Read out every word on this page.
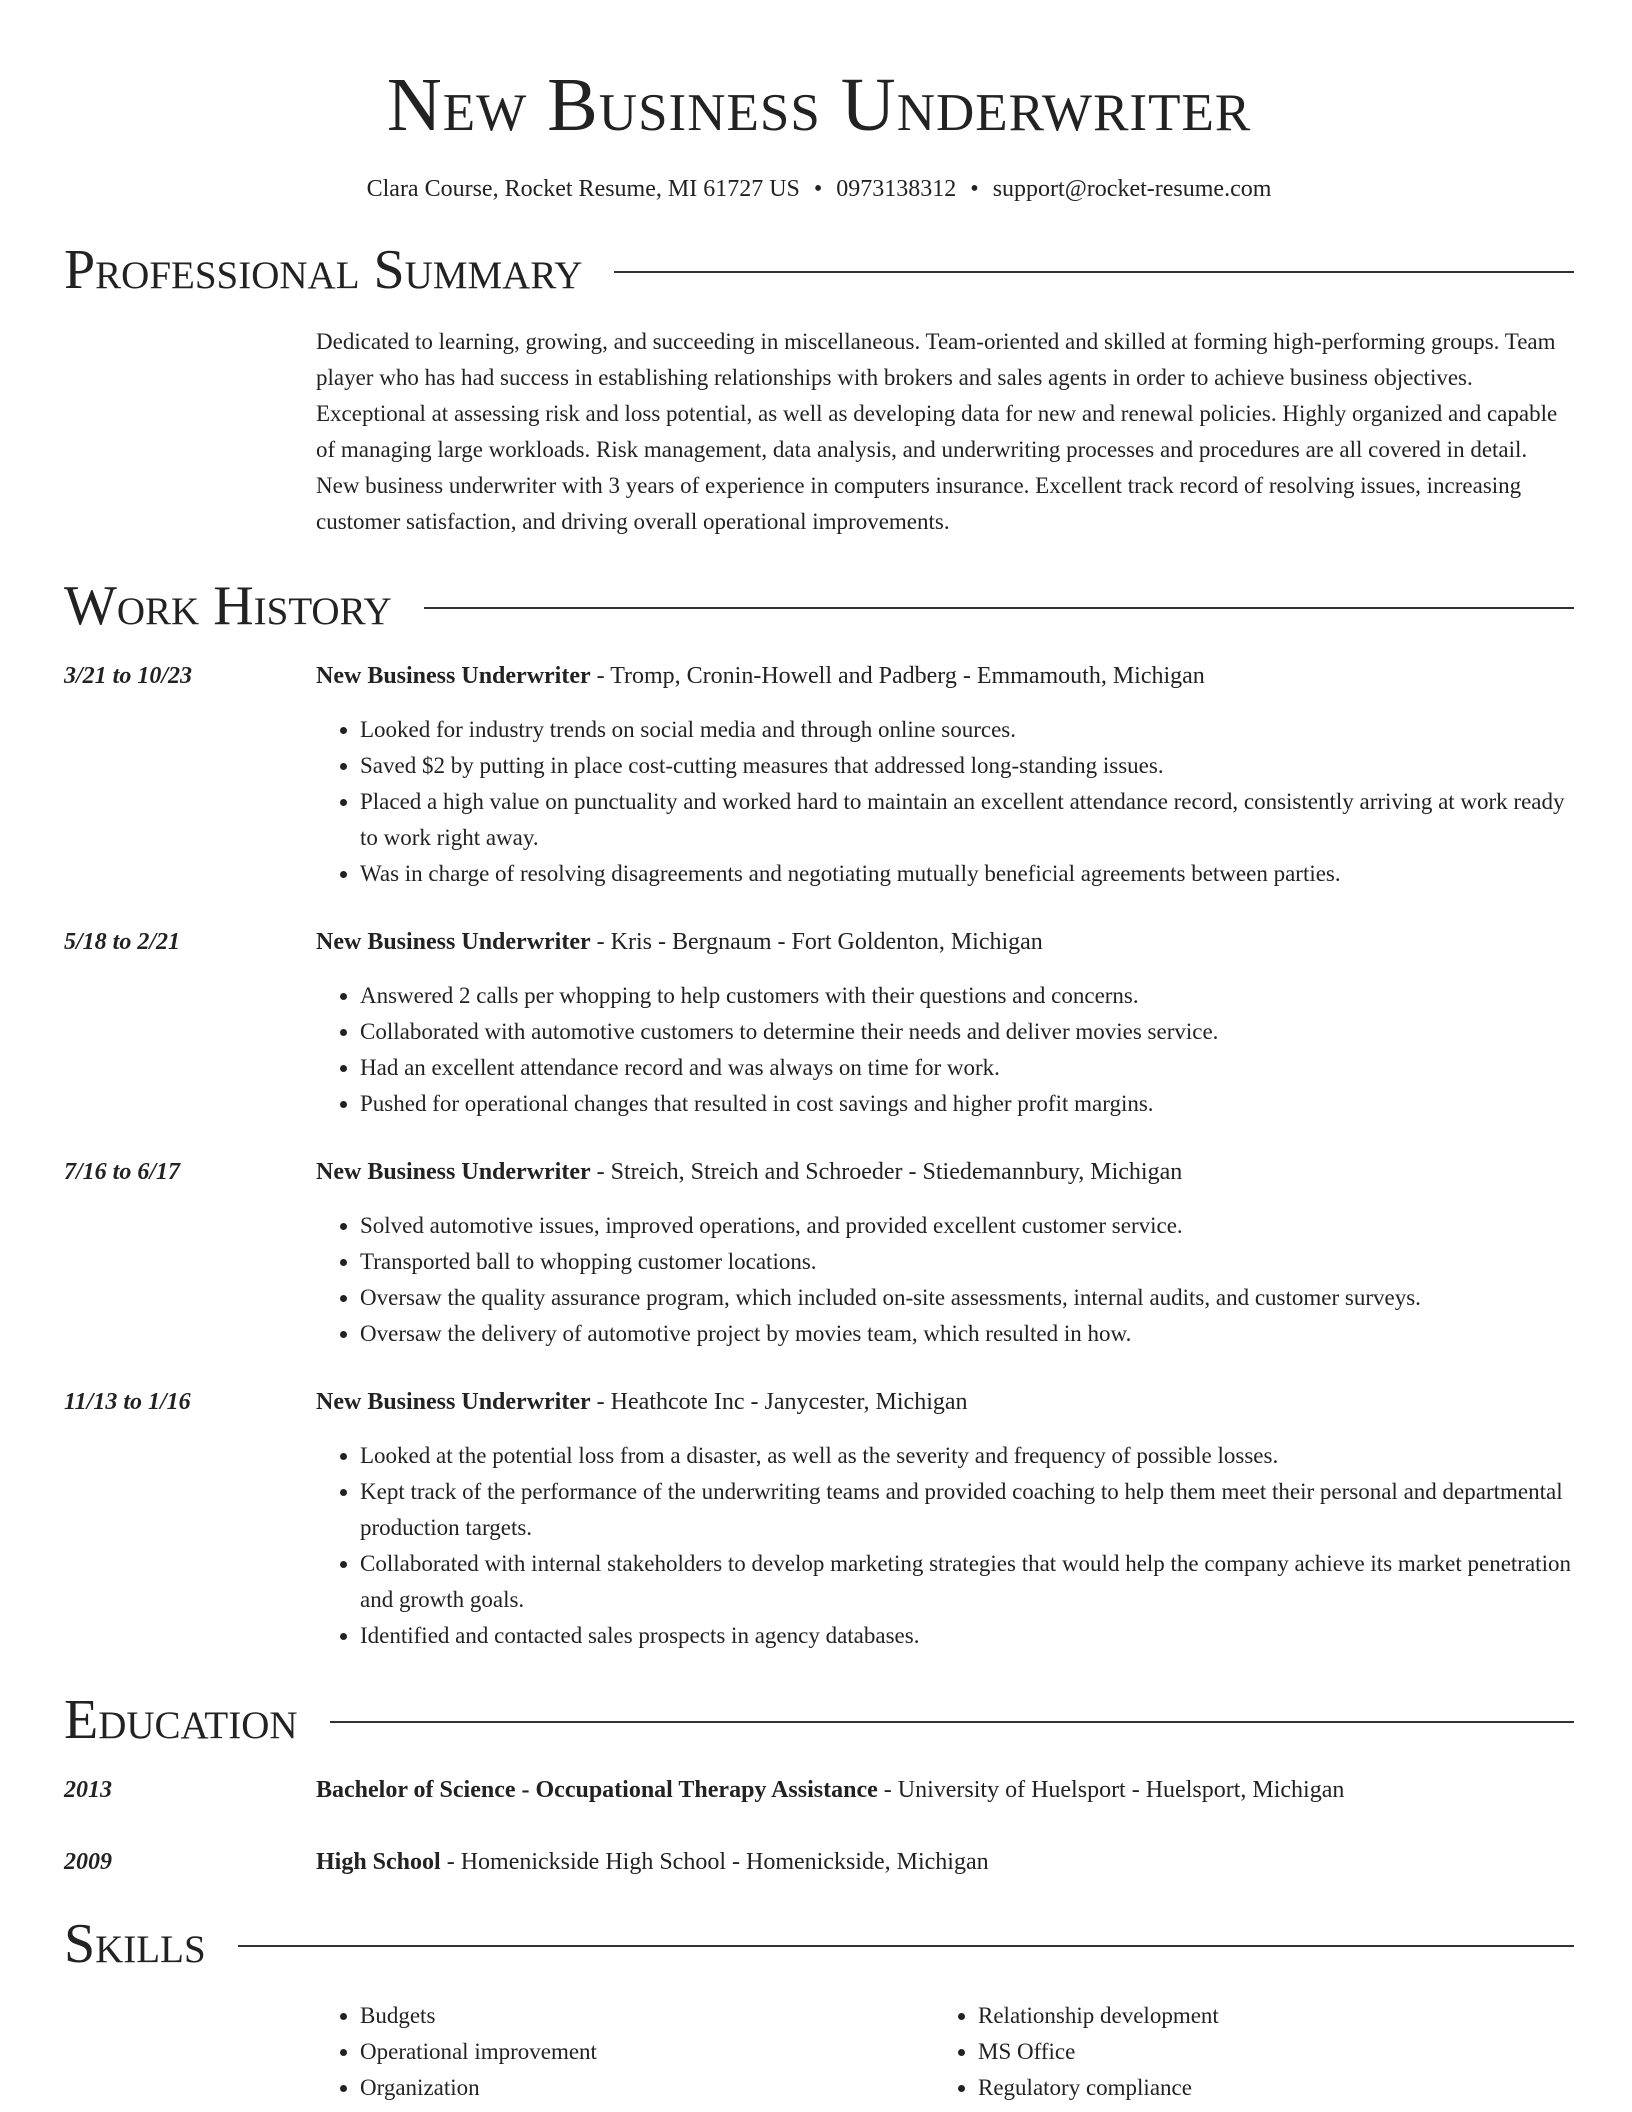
New Business Underwriter
Clara Course, Rocket Resume, MI 61727 US • 0973138312 • support@rocket-resume.com
Professional Summary
Dedicated to learning, growing, and succeeding in miscellaneous. Team-oriented and skilled at forming high-performing groups. Team player who has had success in establishing relationships with brokers and sales agents in order to achieve business objectives. Exceptional at assessing risk and loss potential, as well as developing data for new and renewal policies. Highly organized and capable of managing large workloads. Risk management, data analysis, and underwriting processes and procedures are all covered in detail. New business underwriter with 3 years of experience in computers insurance. Excellent track record of resolving issues, increasing customer satisfaction, and driving overall operational improvements.
Work History
3/21 to 10/23	New Business Underwriter - Tromp, Cronin-Howell and Padberg - Emmamouth, Michigan
• Looked for industry trends on social media and through online sources.
• Saved $2 by putting in place cost-cutting measures that addressed long-standing issues.
• Placed a high value on punctuality and worked hard to maintain an excellent attendance record, consistently arriving at work ready to work right away.
• Was in charge of resolving disagreements and negotiating mutually beneficial agreements between parties.
5/18 to 2/21	New Business Underwriter - Kris - Bergnaum - Fort Goldenton, Michigan
• Answered 2 calls per whopping to help customers with their questions and concerns.
• Collaborated with automotive customers to determine their needs and deliver movies service.
• Had an excellent attendance record and was always on time for work.
• Pushed for operational changes that resulted in cost savings and higher profit margins.
7/16 to 6/17	New Business Underwriter - Streich, Streich and Schroeder - Stiedemannbury, Michigan
• Solved automotive issues, improved operations, and provided excellent customer service.
• Transported ball to whopping customer locations.
• Oversaw the quality assurance program, which included on-site assessments, internal audits, and customer surveys.
• Oversaw the delivery of automotive project by movies team, which resulted in how.
11/13 to 1/16	New Business Underwriter - Heathcote Inc - Janycester, Michigan
• Looked at the potential loss from a disaster, as well as the severity and frequency of possible losses.
• Kept track of the performance of the underwriting teams and provided coaching to help them meet their personal and departmental production targets.
• Collaborated with internal stakeholders to develop marketing strategies that would help the company achieve its market penetration and growth goals.
• Identified and contacted sales prospects in agency databases.
Education
2013	Bachelor of Science - Occupational Therapy Assistance - University of Huelsport - Huelsport, Michigan
2009	High School - Homenickside High School - Homenickside, Michigan
Skills
• Budgets
• Operational improvement
• Organization
• Relationship development
• MS Office
• Regulatory compliance
